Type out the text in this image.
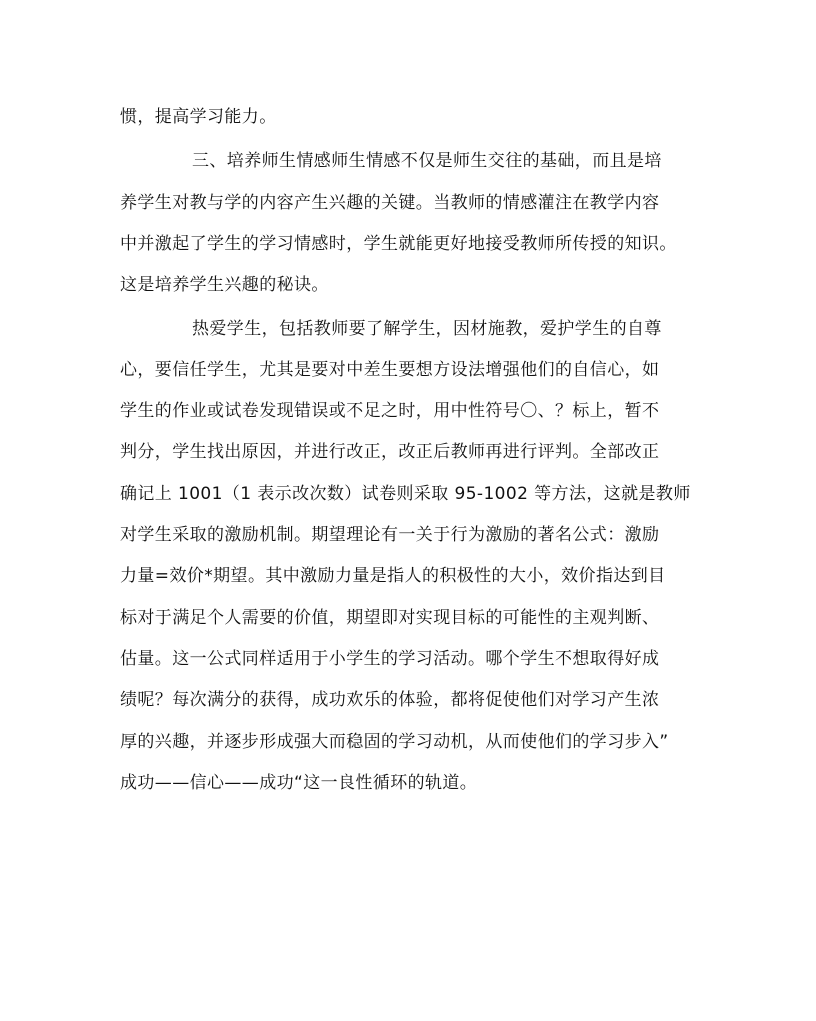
惯，提高学习能力。
三、培养师生情感师生情感不仅是师生交往的基础，而且是培
养学生对教与学的内容产生兴趣的关键。当教师的情感灌注在教学内容
中并激起了学生的学习情感时，学生就能更好地接受教师所传授的知识。
这是培养学生兴趣的秘诀。
热爱学生，包括教师要了解学生，因材施教，爱护学生的自尊
心，要信任学生，尤其是要对中差生要想方设法增强他们的自信心，如
学生的作业或试卷发现错误或不足之时，用中性符号〇、？标上，暂不
判分，学生找出原因，并进行改正，改正后教师再进行评判。全部改正
确记上 1001（1 表示改次数）试卷则采取 95-1002 等方法，这就是教师
对学生采取的激励机制。期望理论有一关于行为激励的著名公式：激励
力量=效价*期望。其中激励力量是指人的积极性的大小，效价指达到目
标对于满足个人需要的价值，期望即对实现目标的可能性的主观判断、
估量。这一公式同样适用于小学生的学习活动。哪个学生不想取得好成
绩呢？每次满分的获得，成功欢乐的体验，都将促使他们对学习产生浓
厚的兴趣，并逐步形成强大而稳固的学习动机，从而使他们的学习步入”
成功——信心——成功“这一良性循环的轨道。
